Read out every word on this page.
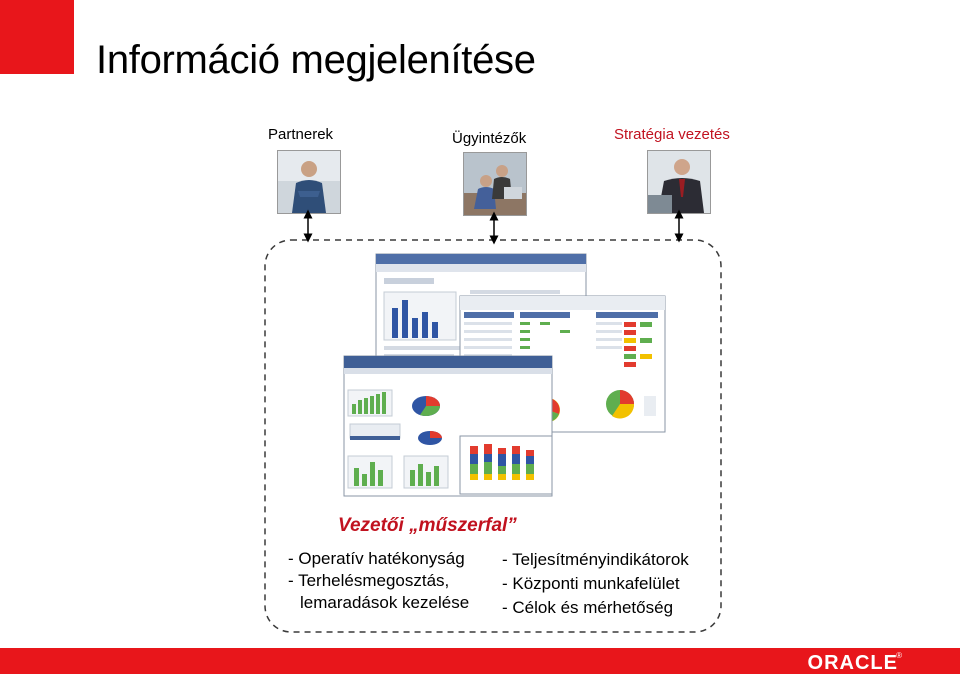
Információ megjelenítése
Partnerek	Ügyintézők	Stratégia vezetés
Vezetői „műszerfal”
- Operatív hatékonyság
- Terhelésmegosztás,
lemaradások kezelése
- Teljesítményindikátorok
- Központi munkafelület
- Célok és mérhetőség
ORACLE
®
